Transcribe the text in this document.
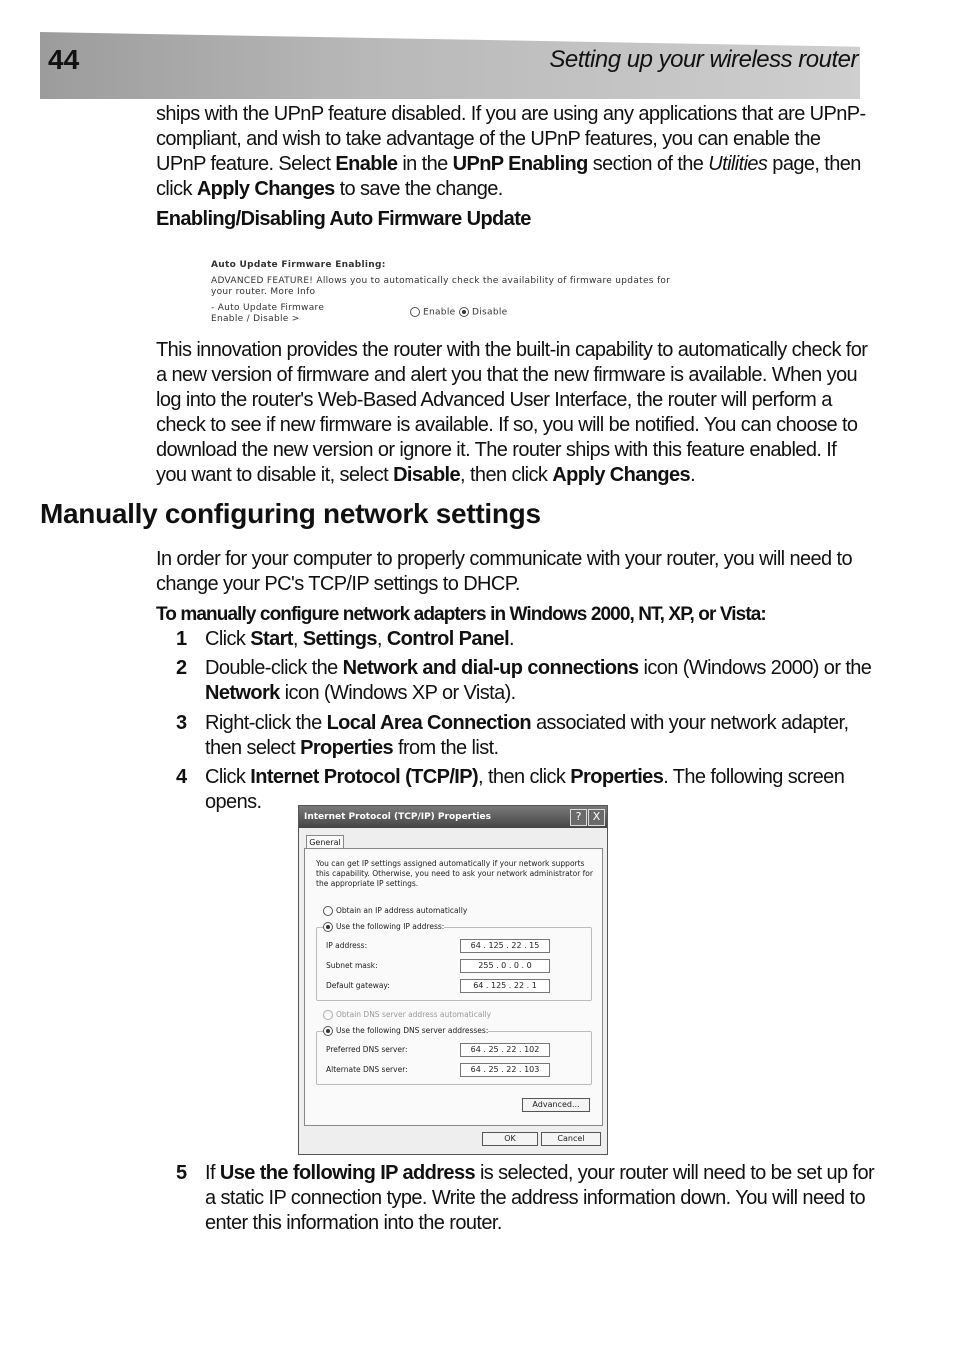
44	Setting up your wireless router
ships with the UPnP feature disabled. If you are using any applications that are UPnP-compliant, and wish to take advantage of the UPnP features, you can enable the UPnP feature. Select Enable in the UPnP Enabling section of the Utilities page, then click Apply Changes to save the change.
Enabling/Disabling Auto Firmware Update
Auto Update Firmware Enabling:
ADVANCED FEATURE! Allows you to automatically check the availability of firmware updates for
your router. More Info
- Auto Update Firmware
Enable / Disable >
Enable	Disable
This innovation provides the router with the built-in capability to automatically check for a new version of firmware and alert you that the new firmware is available. When you log into the router's Web-Based Advanced User Interface, the router will perform a check to see if new firmware is available. If so, you will be notified. You can choose to download the new version or ignore it. The router ships with this feature enabled. If you want to disable it, select Disable, then click Apply Changes.
Manually configuring network settings
In order for your computer to properly communicate with your router, you will need to change your PC's TCP/IP settings to DHCP.
To manually configure network adapters in Windows 2000, NT, XP, or Vista:
1 Click Start, Settings, Control Panel.
2 Double-click the Network and dial-up connections icon (Windows 2000) or the Network icon (Windows XP or Vista).
3 Right-click the Local Area Connection associated with your network adapter, then select Properties from the list.
4 Click Internet Protocol (TCP/IP), then click Properties. The following screen opens.
Internet Protocol (TCP/IP) Properties	?	X
General
You can get IP settings assigned automatically if your network supports
this capability. Otherwise, you need to ask your network administrator for
the appropriate IP settings.
Obtain an IP address automatically
Use the following IP address:
IP address:	64 . 125 . 22 . 15
Subnet mask:	255 . 0 . 0 . 0
Default gateway:	64 . 125 . 22 . 1
Obtain DNS server address automatically
Use the following DNS server addresses:
Preferred DNS server:	64 . 25 . 22 . 102
Alternate DNS server:	64 . 25 . 22 . 103
Advanced...
OK	Cancel
5 If Use the following IP address is selected, your router will need to be set up for a static IP connection type. Write the address information down. You will need to enter this information into the router.
